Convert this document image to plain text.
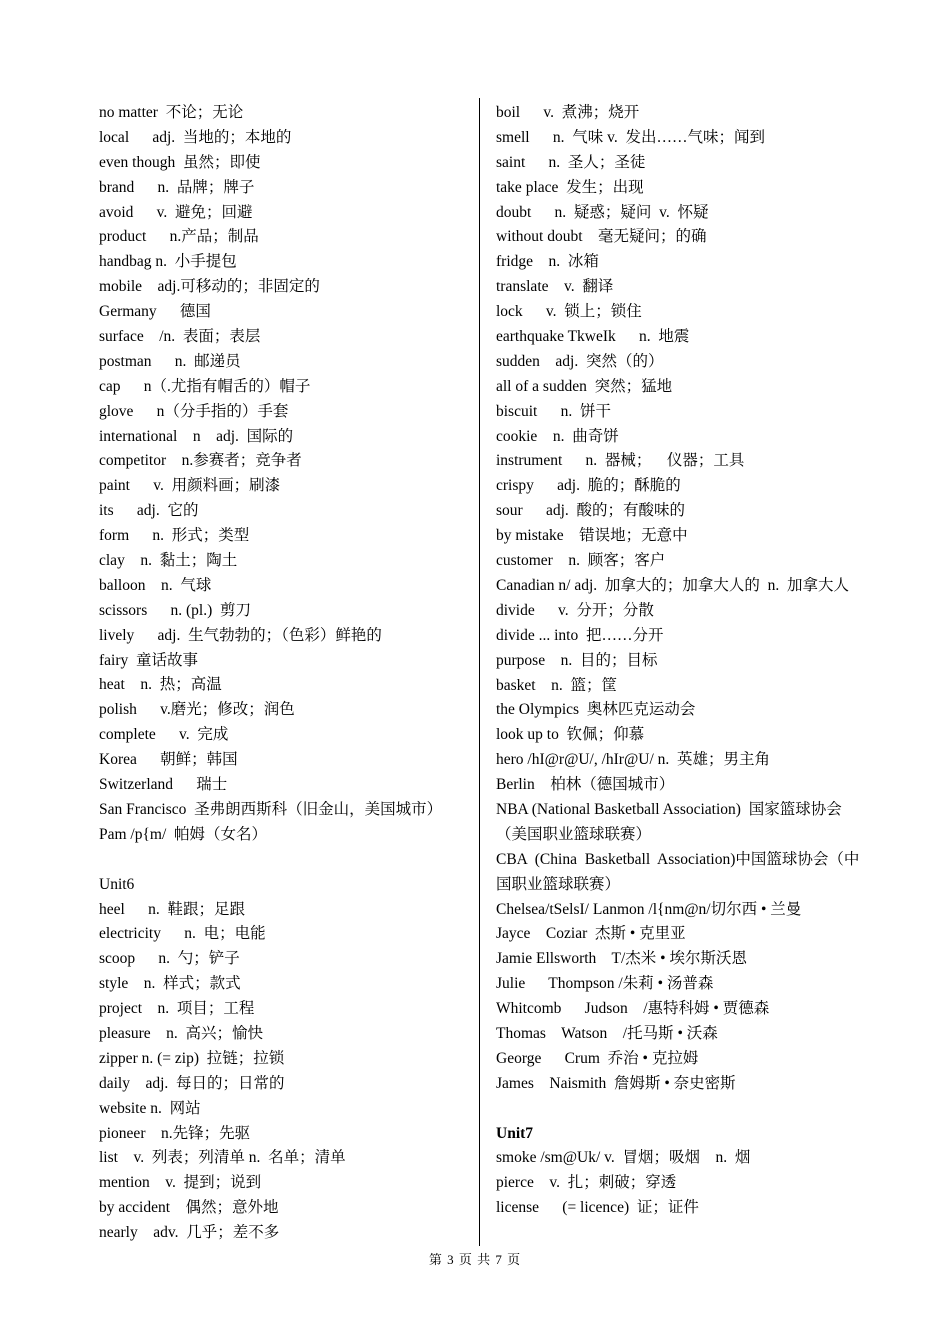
no matter  不论；无论
local      adj.  当地的；本地的
even though  虽然；即使
brand      n.  品牌；牌子
avoid      v.  避免；回避
product      n.产品；制品
handbag n.  小手提包
mobile    adj.可移动的；非固定的
Germany      德国
surface    /n.  表面；表层
postman      n.  邮递员
cap      n（.尤指有帽舌的）帽子
glove      n（分手指的）手套
international    n    adj.  国际的
competitor    n.参赛者；竞争者
paint      v.  用颜料画；刷漆
its      adj.  它的
form      n.  形式；类型
clay    n.  黏土；陶土
balloon    n.  气球
scissors      n. (pl.)  剪刀
lively      adj.  生气勃勃的；（色彩）鲜艳的
fairy  童话故事
heat    n.  热；高温
polish      v.磨光；修改；润色
complete      v.  完成
Korea      朝鲜；韩国
Switzerland      瑞士
San Francisco  圣弗朗西斯科（旧金山，美国城市）
Pam /p{m/  帕姆（女名）
Unit6
heel      n.  鞋跟；足跟
electricity      n.  电；电能
scoop      n.  勺；铲子
style    n.  样式；款式
project    n.  项目；工程
pleasure    n.  高兴；愉快
zipper n. (= zip)  拉链；拉锁
daily    adj.  每日的；日常的
website n.  网站
pioneer    n.先锋；先驱
list    v.  列表；列清单 n.  名单；清单
mention    v.  提到；说到
by accident    偶然；意外地
nearly    adv.  几乎；差不多
boil      v.  煮沸；烧开
smell      n.  气味 v.  发出……气味；闻到
saint      n.  圣人；圣徒
take place  发生；出现
doubt      n.  疑惑；疑问  v.  怀疑
without doubt    毫无疑问；的确
fridge    n.  冰箱
translate    v.  翻译
lock      v.  锁上；锁住
earthquake TkweIk      n.  地震
sudden    adj.  突然（的）
all of a sudden  突然；猛地
biscuit      n.  饼干
cookie    n.  曲奇饼
instrument      n.  器械；    仪器；工具
crispy      adj.  脆的；酥脆的
sour      adj.  酸的；有酸味的
by mistake    错误地；无意中
customer    n.  顾客；客户
Canadian n/ adj.  加拿大的；加拿大人的  n.  加拿大人
divide      v.  分开；分散
divide ... into  把……分开
purpose    n.  目的；目标
basket    n.  篮；筐
the Olympics  奥林匹克运动会
look up to  钦佩；仰慕
hero /hI@r@U/, /hIr@U/ n.  英雄；男主角
Berlin    柏林（德国城市）
NBA (National Basketball Association)  国家篮球协会  （美国职业篮球联赛）
CBA  (China  Basketball  Association)中国篮球协会（中国职业篮球联赛）
Chelsea/tSelsI/ Lanmon /l{nm@n/切尔西 • 兰曼
Jayce    Coziar  杰斯 • 克里亚
Jamie Ellsworth    T/杰米 • 埃尔斯沃恩
Julie      Thompson /朱莉 • 汤普森
Whitcomb      Judson    /惠特科姆 • 贾德森
Thomas    Watson    /托马斯 • 沃森
George      Crum  乔治 • 克拉姆
James    Naismith  詹姆斯 • 奈史密斯
Unit7
smoke /sm@Uk/ v.  冒烟；吸烟    n.  烟
pierce    v.  扎；刺破；穿透
license      (= licence)  证；证件
第 3 页 共 7 页
